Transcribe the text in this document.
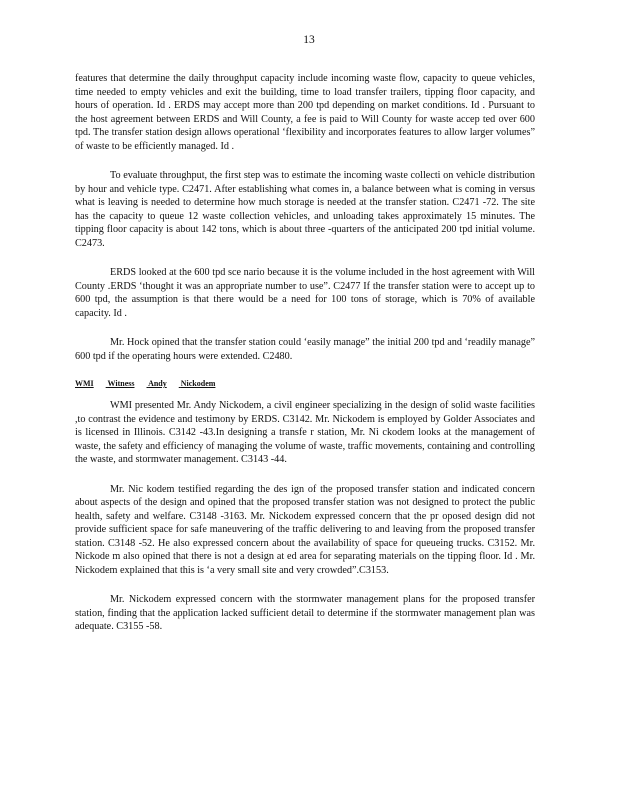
13

features that determine the daily throughput capacity include incoming waste flow, capacity to queue vehicles, time needed to empty vehicles and exit the building, time to load transfer trailers, tipping floor capacity, and hours of operation. Id . ERDS may accept more than 200 tpd depending on market conditions. Id . Pursuant to the host agreement between ERDS and Will County, a fee is paid to Will County for waste accep ted over 600 tpd. The transfer station design allows operational ‘flexibility and incorporates features to allow larger volumes” of waste to be efficiently managed. Id .

To evaluate throughput, the first step was to estimate the incoming waste collecti on vehicle distribution by hour and vehicle type. C2471. After establishing what comes in, a balance between what is coming in versus what is leaving is needed to determine how much storage is needed at the transfer station. C2471 -72. The site has the capacity to queue 12 waste collection vehicles, and unloading takes approximately 15 minutes. The tipping floor capacity is about 142 tons, which is about three -quarters of the anticipated 200 tpd initial volume. C2473.

ERDS looked at the 600 tpd sce nario because it is the volume included in the host agreement with Will County .ERDS ‘thought it was an appropriate number to use”. C2477 If the transfer station were to accept up to 600 tpd, the assumption is that there would be a need for 100 tons of storage, which is 70% of available capacity. Id .

Mr. Hock opined that the transfer station could ‘easily manage” the initial 200 tpd and ‘readily manage” 600 tpd if the operating hours were extended. C2480.

WMI Witness Andy Nickodem

WMI presented Mr. Andy Nickodem, a civil engineer specializing in the design of solid waste facilities ,to contrast the evidence and testimony by ERDS. C3142. Mr. Nickodem is employed by Golder Associates and is licensed in Illinois. C3142 -43.In designing a transfe r station, Mr. Ni ckodem looks at the management of waste, the safety and efficiency of managing the volume of waste, traffic movements, containing and controlling the waste, and stormwater management. C3143 -44.

Mr. Nic kodem testified regarding the des ign of the proposed transfer station and indicated concern about aspects of the design and opined that the proposed transfer station was not designed to protect the public health, safety and welfare. C3148 -3163. Mr. Nickodem expressed concern that the pr oposed design did not provide sufficient space for safe maneuvering of the traffic delivering to and leaving from the proposed transfer station. C3148 -52. He also expressed concern about the availability of space for queueing trucks. C3152. Mr. Nickode m also opined that there is not a design at ed area for separating materials on the tipping floor. Id . Mr. Nickodem explained that this is ‘a very small site and very crowded”.C3153.

Mr. Nickodem expressed concern with the stormwater management plans for the proposed transfer station, finding that the application lacked sufficient detail to determine if the stormwater management plan was adequate. C3155 -58.
